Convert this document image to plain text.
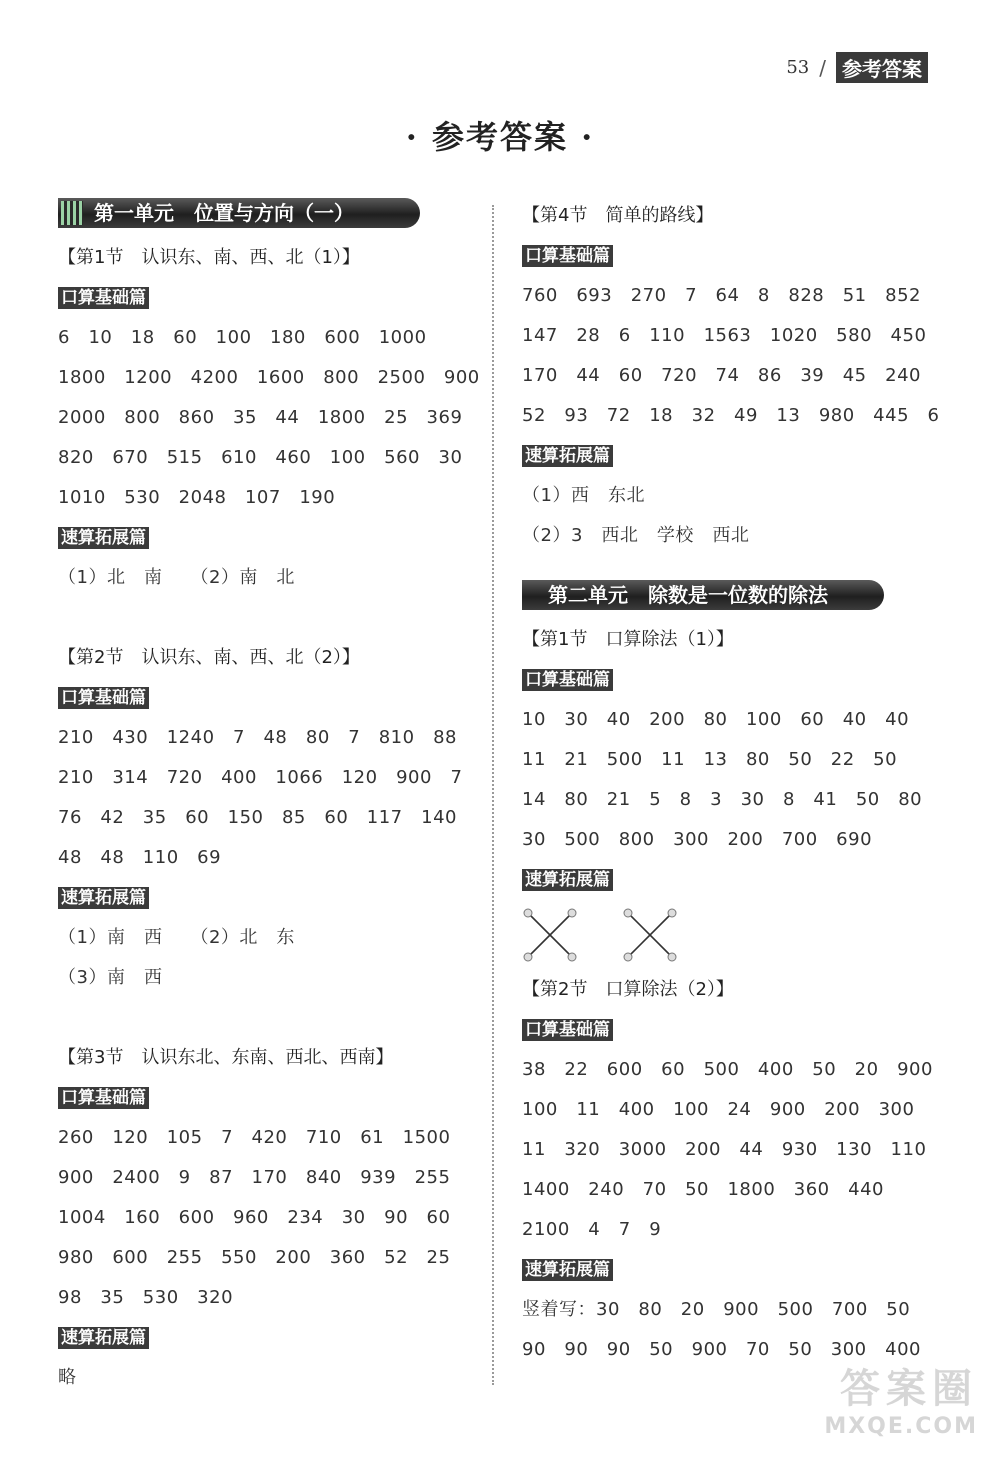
53 / 参考答案
· 参考答案 ·
第一单元　位置与方向（一）
【第1节　认识东、南、西、北（1）】
口算基础篇
6　10　18　60　100　180　600　1000
1800　1200　4200　1600　800　2500　900
2000　800　860　35　44　1800　25　369
820　670　515　610　460　100　560　30
1010　530　2048　107　190
速算拓展篇
（1）北　南　　（2）南　北
【第2节　认识东、南、西、北（2）】
口算基础篇
210　430　1240　7　48　80　7　810　88
210　314　720　400　1066　120　900　7
76　42　35　60　150　85　60　117　140
48　48　110　69
速算拓展篇
（1）南　西　　（2）北　东
（3）南　西
【第3节　认识东北、东南、西北、西南】
口算基础篇
260　120　105　7　420　710　61　1500
900　2400　9　87　170　840　939　255
1004　160　600　960　234　30　90　60
980　600　255　550　200　360　52　25
98　35　530　320
速算拓展篇
略
【第4节　简单的路线】
口算基础篇
760　693　270　7　64　8　828　51　852
147　28　6　110　1563　1020　580　450
170　44　60　720　74　86　39　45　240
52　93　72　18　32　49　13　980　445　6
速算拓展篇
（1）西　东北
（2）3　西北　学校　西北
第二单元　除数是一位数的除法
【第1节　口算除法（1）】
口算基础篇
10　30　40　200　80　100　60　40　40
11　21　500　11　13　80　50　22　50
14　80　21　5　8　3　30　8　41　50　80
30　500　800　300　200　700　690
速算拓展篇
【第2节　口算除法（2）】
口算基础篇
38　22　600　60　500　400　50　20　900
100　11　400　100　24　900　200　300
11　320　3000　200　44　930　130　110
1400　240　70　50　1800　360　440
2100　4　7　9
速算拓展篇
竖着写：30　80　20　900　500　700　50
90　90　90　50　900　70　50　300　400
答案圈
MXQE.COM
